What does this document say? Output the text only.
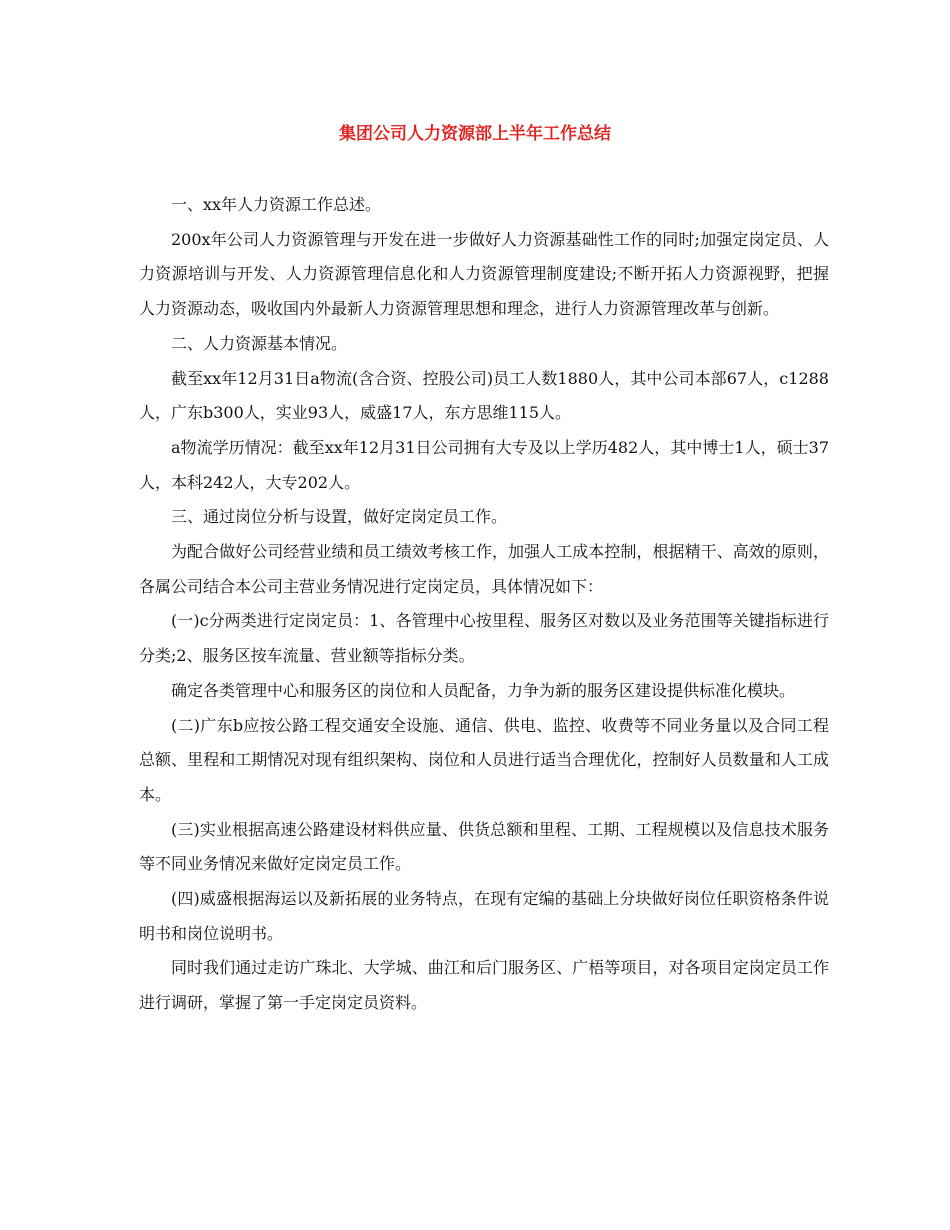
集团公司人力资源部上半年工作总结

一、xx年人力资源工作总述。

200x年公司人力资源管理与开发在进一步做好人力资源基础性工作的同时;加强定岗定员、人力资源培训与开发、人力资源管理信息化和人力资源管理制度建设;不断开拓人力资源视野，把握人力资源动态，吸收国内外最新人力资源管理思想和理念，进行人力资源管理改革与创新。

二、人力资源基本情况。

截至xx年12月31日a物流(含合资、控股公司)员工人数1880人，其中公司本部67人，c1288人，广东b300人，实业93人，威盛17人，东方思维115人。

a物流学历情况：截至xx年12月31日公司拥有大专及以上学历482人，其中博士1人，硕士37人，本科242人，大专202人。

三、通过岗位分析与设置，做好定岗定员工作。

为配合做好公司经营业绩和员工绩效考核工作，加强人工成本控制，根据精干、高效的原则，各属公司结合本公司主营业务情况进行定岗定员，具体情况如下：

(一)c分两类进行定岗定员：1、各管理中心按里程、服务区对数以及业务范围等关键指标进行分类;2、服务区按车流量、营业额等指标分类。

确定各类管理中心和服务区的岗位和人员配备，力争为新的服务区建设提供标准化模块。

(二)广东b应按公路工程交通安全设施、通信、供电、监控、收费等不同业务量以及合同工程总额、里程和工期情况对现有组织架构、岗位和人员进行适当合理优化，控制好人员数量和人工成本。

(三)实业根据高速公路建设材料供应量、供货总额和里程、工期、工程规模以及信息技术服务等不同业务情况来做好定岗定员工作。

(四)威盛根据海运以及新拓展的业务特点，在现有定编的基础上分块做好岗位任职资格条件说明书和岗位说明书。

同时我们通过走访广珠北、大学城、曲江和后门服务区、广梧等项目，对各项目定岗定员工作进行调研，掌握了第一手定岗定员资料。
